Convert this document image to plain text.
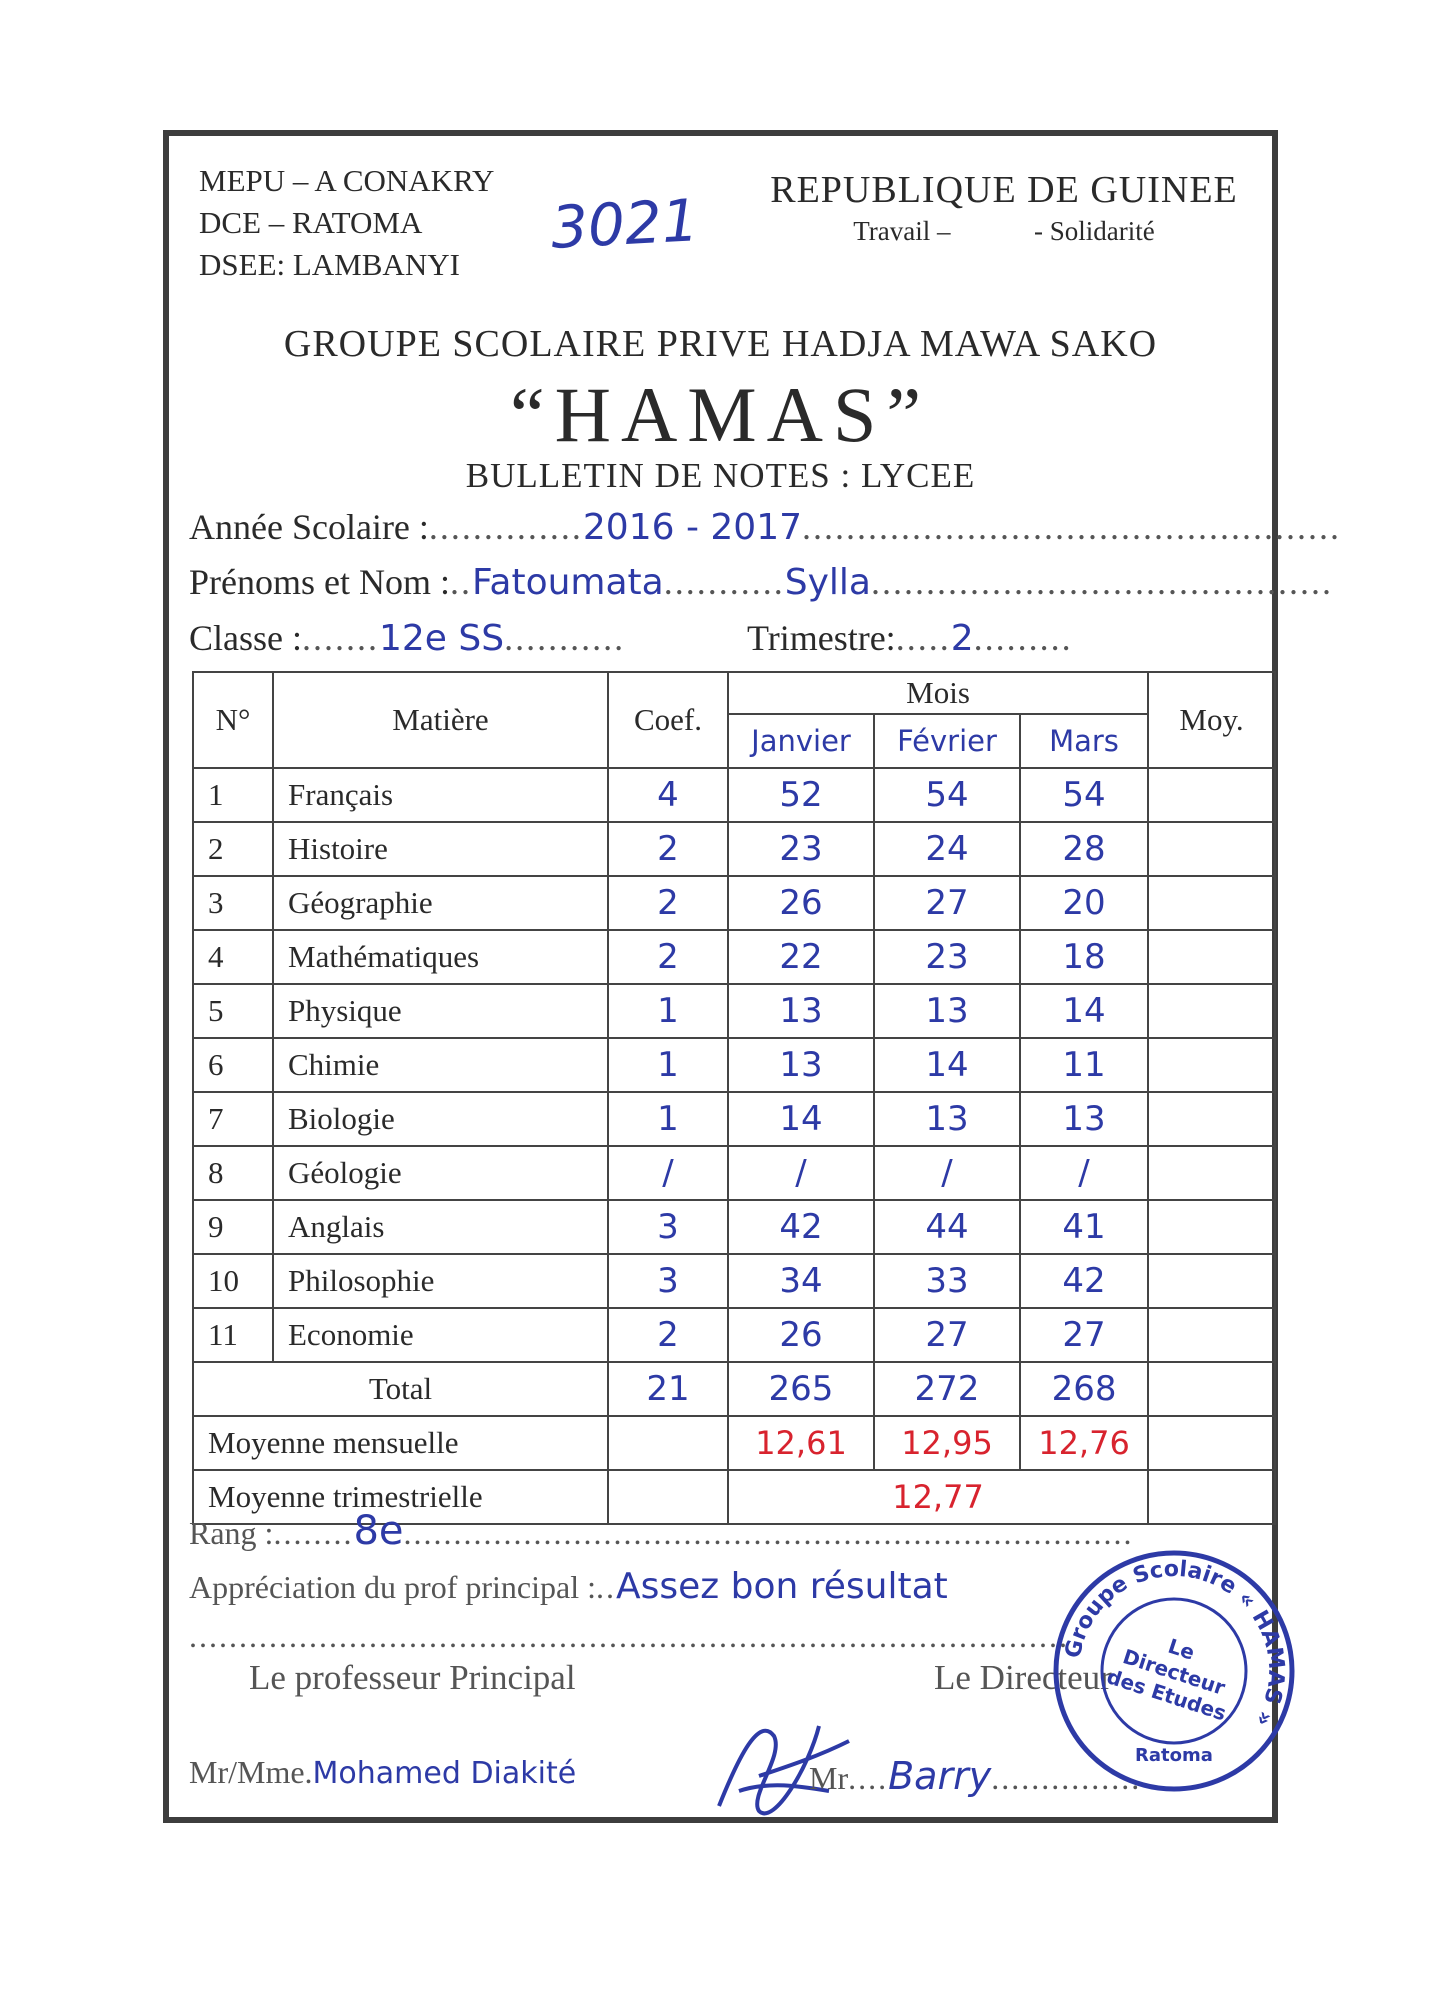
MEPU – A CONAKRY
DCE – RATOMA
DSEE: LAMBANYI
3021 REPUBLIQUE DE GUINEE
Travail –	- Solidarité
GROUPE SCOLAIRE PRIVE HADJA MAWA SAKO
“HAMAS”
BULLETIN DE NOTES : LYCEE
Année Scolaire :..............2016 - 2017.................................................
Prénoms et Nom :..Fatoumata...........Sylla..........................................
Classe :.......12e SS...........	Trimestre:.....2.........
N°	Matière	Coef.	Mois			Moy.
			Janvier	Février	Mars	
1	Français	4	52	54	54	
2	Histoire	2	23	24	28	
3	Géographie	2	26	27	20	
4	Mathématiques	2	22	23	18	
5	Physique	1	13	13	14	
6	Chimie	1	13	14	11	
7	Biologie	1	14	13	13	
8	Géologie	/	/	/	/	
9	Anglais	3	42	44	41	
10	Philosophie	3	34	33	42	
11	Economie	2	26	27	27	
Total		21	265	272	268	
Moyenne mensuelle			12,61	12,95	12,76	
Moyenne trimestrielle			12,77			
Rang :........8e.........................................................................
Appréciation du prof principal :..Assez bon résultat
........................................................................................
Le professeur Principal	Le Directeur
Mr/Mme.Mohamed Diakité	Mr....Barry...............
Groupe Scolaire « HAMAS »
Ratoma
Le Directeur des Etudes
